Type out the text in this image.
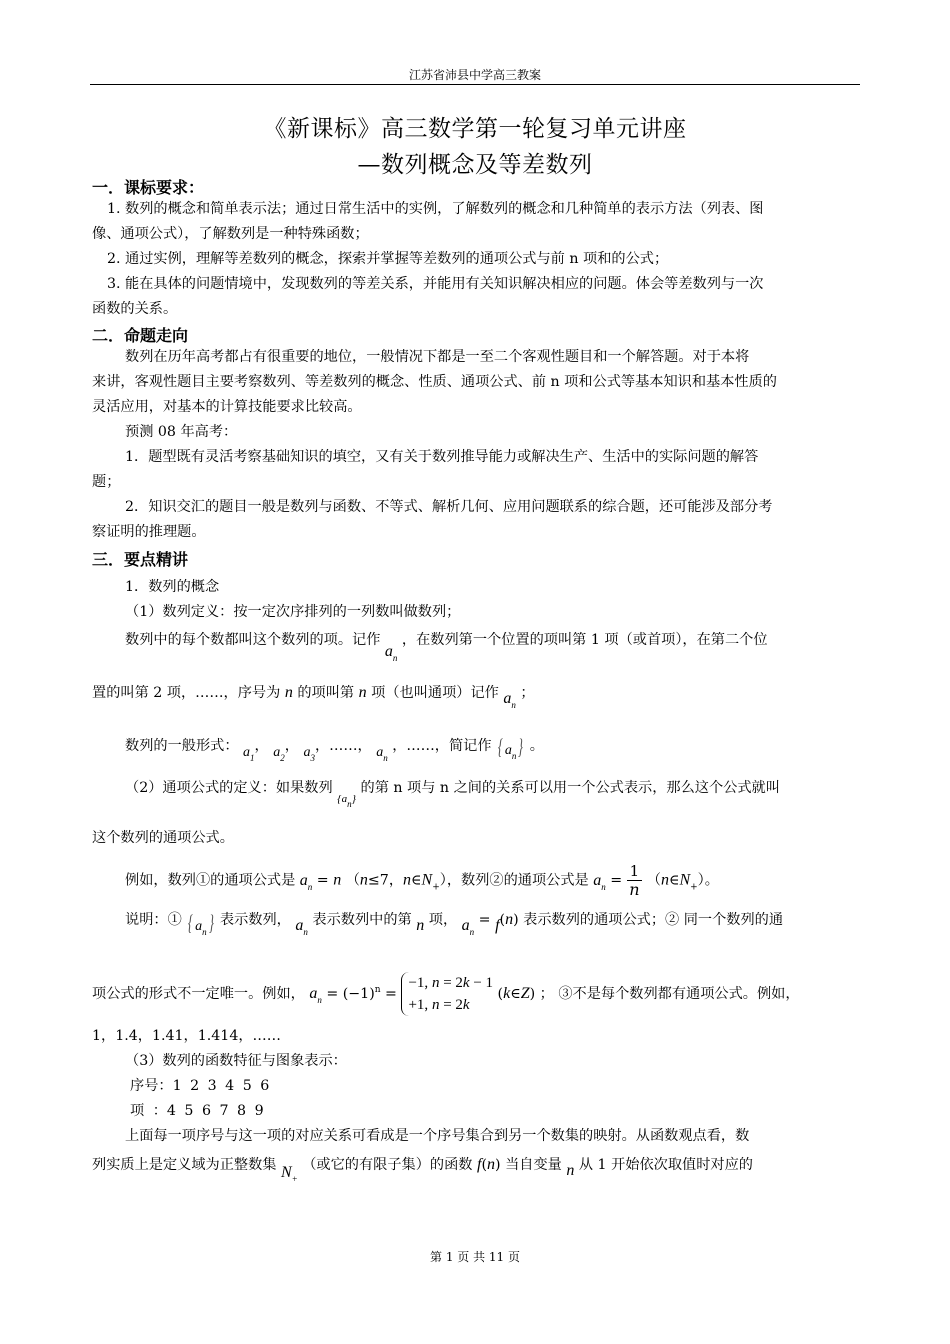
江苏省沛县中学高三教案
《新课标》高三数学第一轮复习单元讲座
—数列概念及等差数列
一．课标要求：
1. 数列的概念和简单表示法；通过日常生活中的实例，了解数列的概念和几种简单的表示方法（列表、图
像、通项公式），了解数列是一种特殊函数；
2. 通过实例，理解等差数列的概念，探索并掌握等差数列的通项公式与前 n 项和的公式；
3. 能在具体的问题情境中，发现数列的等差关系，并能用有关知识解决相应的问题。体会等差数列与一次
函数的关系。
二．命题走向
数列在历年高考都占有很重要的地位，一般情况下都是一至二个客观性题目和一个解答题。对于本将
来讲，客观性题目主要考察数列、等差数列的概念、性质、通项公式、前 n 项和公式等基本知识和基本性质的
灵活应用，对基本的计算技能要求比较高。
预测 08 年高考：
1．题型既有灵活考察基础知识的填空，又有关于数列推导能力或解决生产、生活中的实际问题的解答
题；
2．知识交汇的题目一般是数列与函数、不等式、解析几何、应用问题联系的综合题，还可能涉及部分考
察证明的推理题。
三．要点精讲
1．数列的概念
（1）数列定义：按一定次序排列的一列数叫做数列；
数列中的每个数都叫这个数列的项。记作 $a_n$ ，在数列第一个位置的项叫第 1 项（或首项），在第二个位
置的叫第 2 项，……，序号为 n 的项叫第 n 项（也叫通项）记作 $a_n$ ；
数列的一般形式： $a_1$， $a_2$， $a_3$，……， $a_n$ ，……，简记作 { $a_n$} 。
（2）通项公式的定义：如果数列 $_{\{a_n\}}$ 的第 n 项与 n 之间的关系可以用一个公式表示，那么这个公式就叫
这个数列的通项公式。
例如，数列①的通项公式是 $a_n = n$ （n≤7，$n\in N_+$），数列②的通项公式是 $a_n = \frac{1}{n}$ $(n\in N_+)$。
说明：① { $a_n$} 表示数列， $a_n$ 表示数列中的第 n 项， $a_n = f(n)$ 表示数列的通项公式；② 同一个数列的通
项公式的形式不一定唯一。例如， $a_n = (-1)^n$ =
−1, n = 2k − 1
+1, n = 2k
(k∈Z) ； ③不是每个数列都有通项公式。例如，
1，1.4，1.41，1.414，……
（3）数列的函数特征与图象表示：
序号：1 2 3 4 5 6
项 ：4 5 6 7 8 9
上面每一项序号与这一项的对应关系可看成是一个序号集合到另一个数集的映射。从函数观点看，数
列实质上是定义域为正整数集 $N_+$ （或它的有限子集）的函数 f(n) 当自变量 n 从 1 开始依次取值时对应的
第 1 页 共 11 页
